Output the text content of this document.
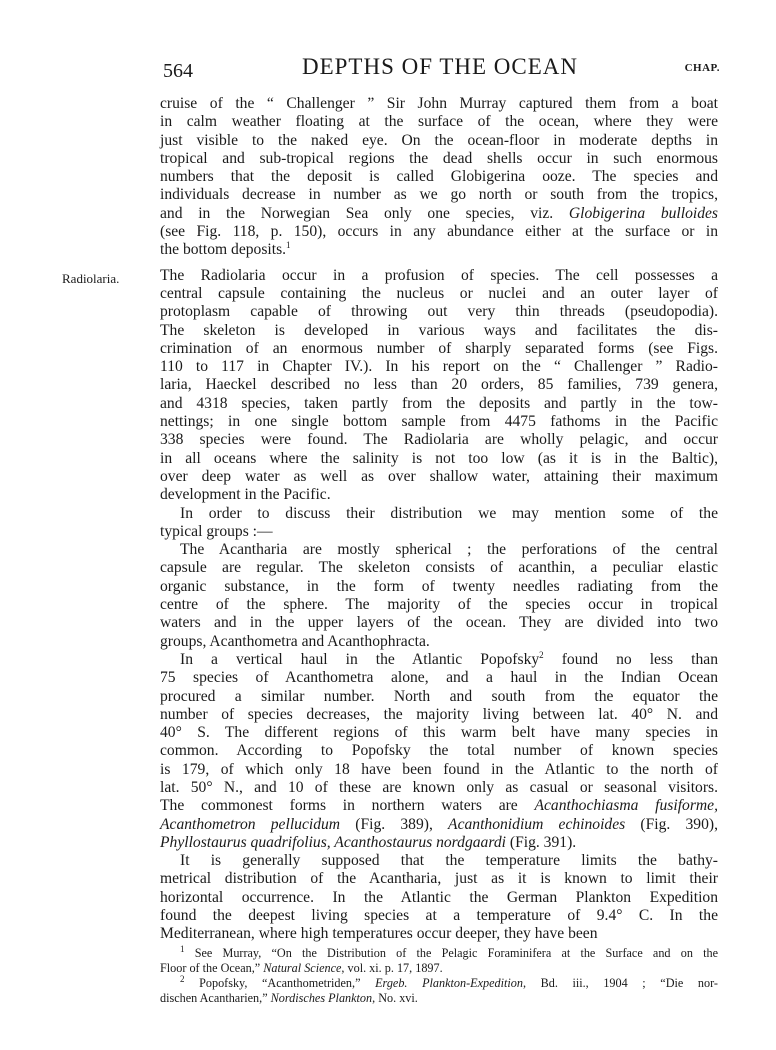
564	DEPTHS OF THE OCEAN	CHAP.
Radiolaria.
cruise of the “ Challenger ” Sir John Murray captured them from a boat
in calm weather floating at the surface of the ocean, where they were
just visible to the naked eye. On the ocean-floor in moderate depths in
tropical and sub-tropical regions the dead shells occur in such enormous
numbers that the deposit is called Globigerina ooze. The species and
individuals decrease in number as we go north or south from the tropics,
and in the Norwegian Sea only one species, viz. Globigerina bulloides
(see Fig. 118, p. 150), occurs in any abundance either at the surface or in
the bottom deposits.$^1$
The Radiolaria occur in a profusion of species. The cell possesses a
central capsule containing the nucleus or nuclei and an outer layer of
protoplasm capable of throwing out very thin threads (pseudopodia).
The skeleton is developed in various ways and facilitates the dis-
crimination of an enormous number of sharply separated forms (see Figs.
110 to 117 in Chapter IV.). In his report on the “ Challenger ” Radio-
laria, Haeckel described no less than 20 orders, 85 families, 739 genera,
and 4318 species, taken partly from the deposits and partly in the tow-
nettings; in one single bottom sample from 4475 fathoms in the Pacific
338 species were found. The Radiolaria are wholly pelagic, and occur
in all oceans where the salinity is not too low (as it is in the Baltic),
over deep water as well as over shallow water, attaining their maximum
development in the Pacific.
In order to discuss their distribution we may mention some of the
typical groups :—
The Acantharia are mostly spherical ; the perforations of the central
capsule are regular. The skeleton consists of acanthin, a peculiar elastic
organic substance, in the form of twenty needles radiating from the
centre of the sphere. The majority of the species occur in tropical
waters and in the upper layers of the ocean. They are divided into two
groups, Acanthometra and Acanthophracta.
In a vertical haul in the Atlantic Popofsky$^2$ found no less than
75 species of Acanthometra alone, and a haul in the Indian Ocean
procured a similar number. North and south from the equator the
number of species decreases, the majority living between lat. 40° N. and
40° S. The different regions of this warm belt have many species in
common. According to Popofsky the total number of known species
is 179, of which only 18 have been found in the Atlantic to the north of
lat. 50° N., and 10 of these are known only as casual or seasonal visitors.
The commonest forms in northern waters are Acanthochiasma fusiforme,
Acanthometron pellucidum (Fig. 389), Acanthonidium echinoides (Fig. 390),
Phyllostaurus quadrifolius, Acanthostaurus nordgaardi (Fig. 391).
It is generally supposed that the temperature limits the bathy-
metrical distribution of the Acantharia, just as it is known to limit their
horizontal occurrence. In the Atlantic the German Plankton Expedition
found the deepest living species at a temperature of 9.4° C. In the
Mediterranean, where high temperatures occur deeper, they have been
$^1$ See Murray, “On the Distribution of the Pelagic Foraminifera at the Surface and on the
Floor of the Ocean,” Natural Science, vol. xi. p. 17, 1897.
$^2$ Popofsky, “Acanthometriden,” Ergeb. Plankton-Expedition, Bd. iii., 1904 ; “Die nor-
dischen Acantharien,” Nordisches Plankton, No. xvi.
